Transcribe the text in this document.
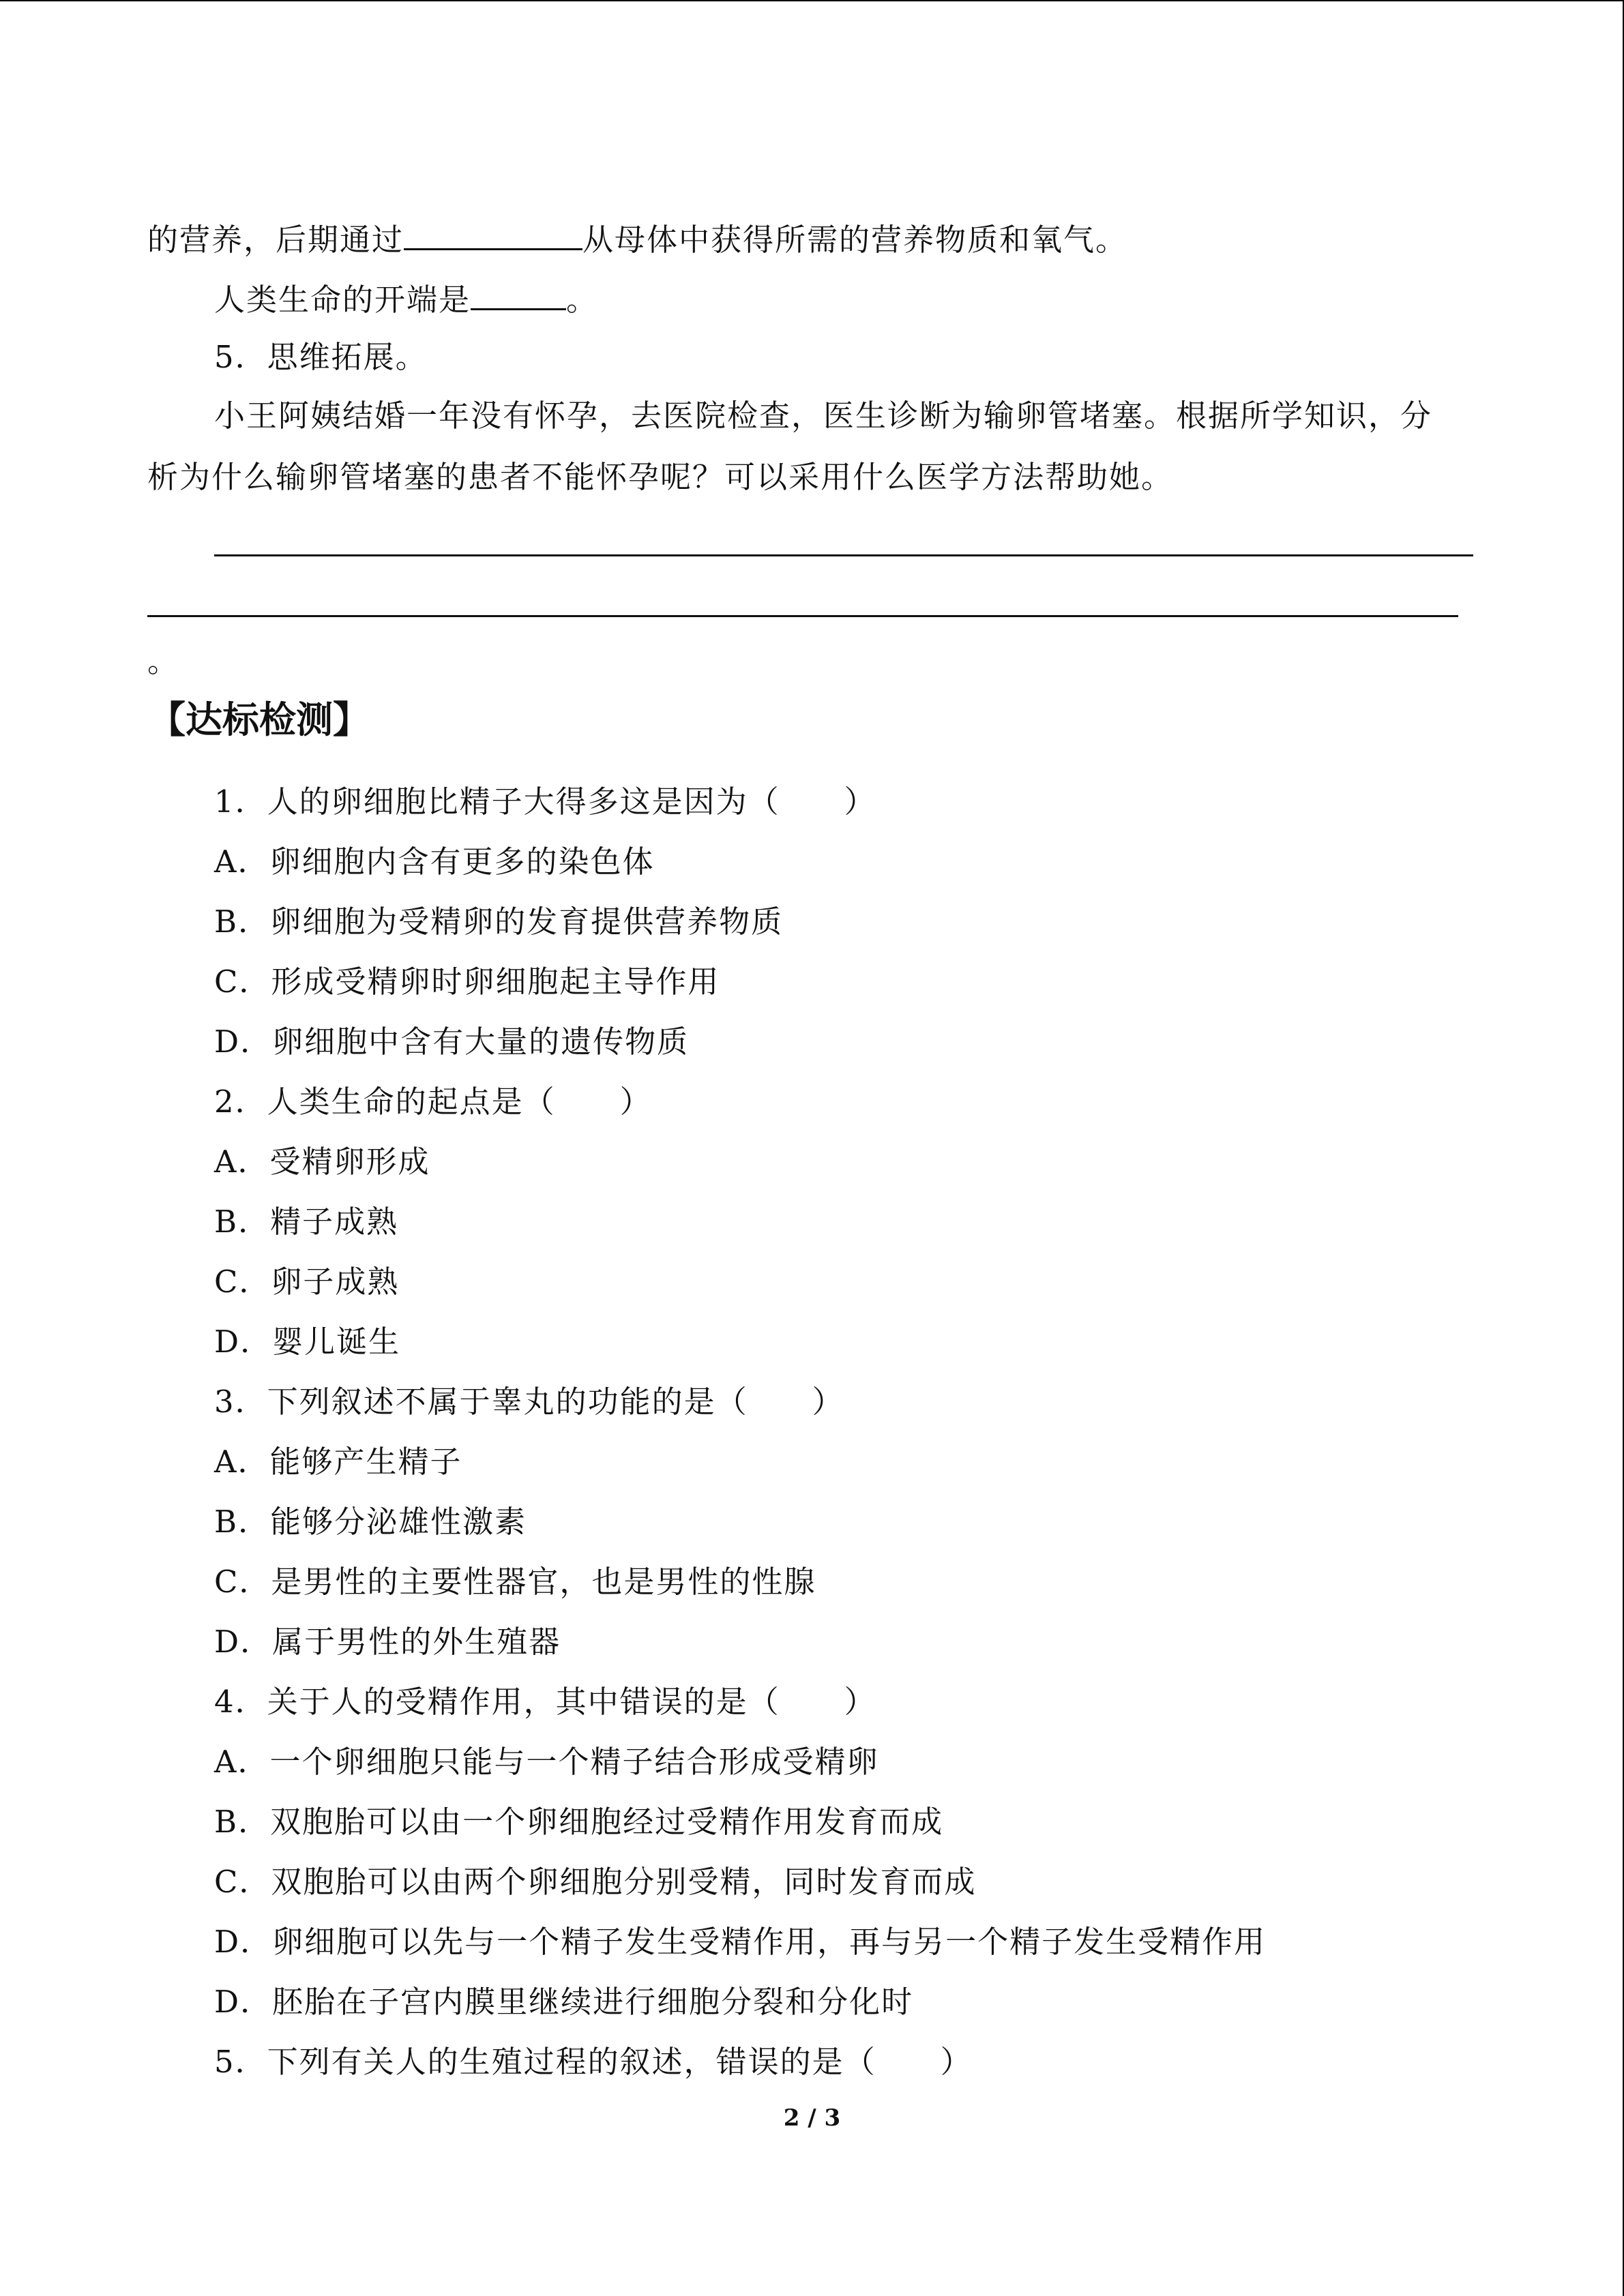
的营养，后期通过	从母体中获得所需的营养物质和氧气。
人类生命的开端是	。
5．思维拓展。
小王阿姨结婚一年没有怀孕，去医院检查，医生诊断为输卵管堵塞。根据所学知识，分
析为什么输卵管堵塞的患者不能怀孕呢？可以采用什么医学方法帮助她。
。
【达标检测】
1．人的卵细胞比精子大得多这是因为（　　）
A．卵细胞内含有更多的染色体
B．卵细胞为受精卵的发育提供营养物质
C．形成受精卵时卵细胞起主导作用
D．卵细胞中含有大量的遗传物质
2．人类生命的起点是（　　）
A．受精卵形成
B．精子成熟
C．卵子成熟
D．婴儿诞生
3．下列叙述不属于睾丸的功能的是（　　）
A．能够产生精子
B．能够分泌雄性激素
C．是男性的主要性器官，也是男性的性腺
D．属于男性的外生殖器
4．关于人的受精作用，其中错误的是（　　）
A．一个卵细胞只能与一个精子结合形成受精卵
B．双胞胎可以由一个卵细胞经过受精作用发育而成
C．双胞胎可以由两个卵细胞分别受精，同时发育而成
D．卵细胞可以先与一个精子发生受精作用，再与另一个精子发生受精作用
D．胚胎在子宫内膜里继续进行细胞分裂和分化时
5．下列有关人的生殖过程的叙述，错误的是（　　）
2 / 3
